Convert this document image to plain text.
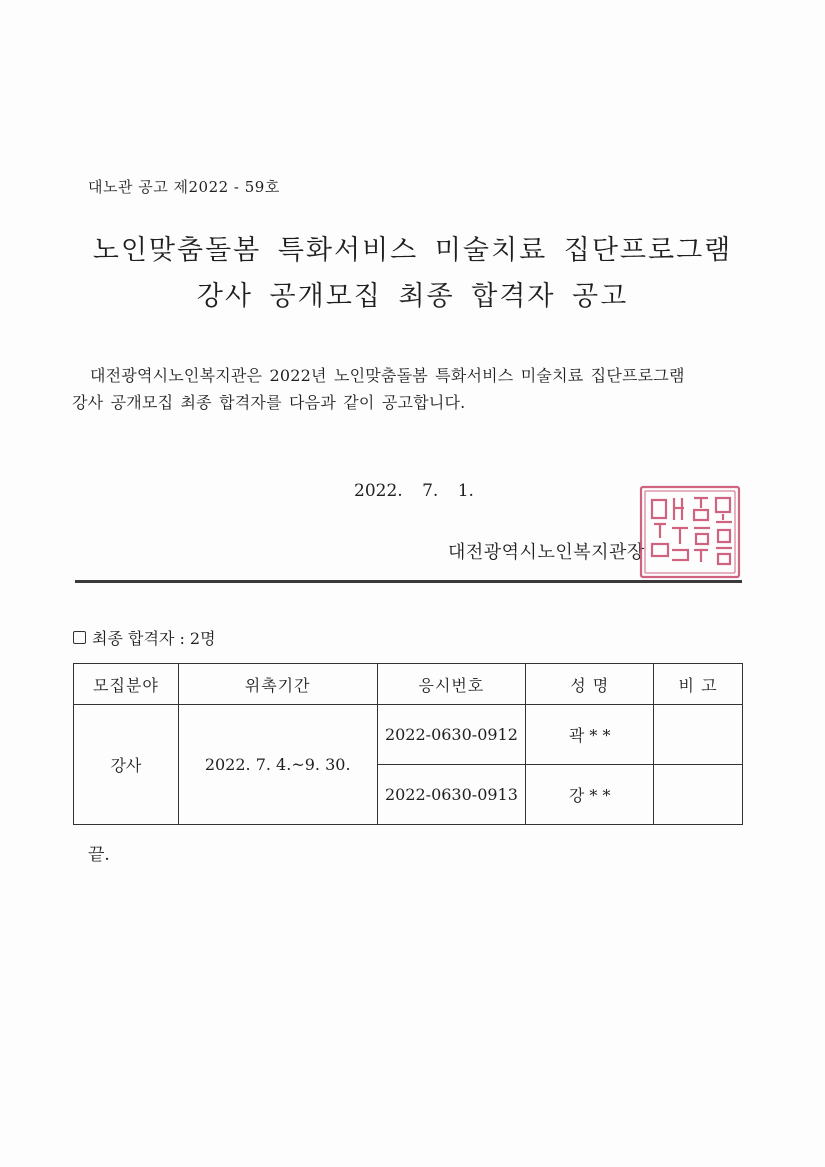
대노관 공고 제2022 - 59호
노인맞춤돌봄 특화서비스 미술치료 집단프로그램
강사 공개모집 최종 합격자 공고
대전광역시노인복지관은 2022년 노인맞춤돌봄 특화서비스 미술치료 집단프로그램
강사 공개모집 최종 합격자를 다음과 같이 공고합니다.
2022. 7. 1.
대전광역시노인복지관장
최종 합격자 : 2명
모집분야	위촉기간	응시번호	성 명	비 고
강사	2022. 7. 4.~9. 30.	2022-0630-0912	곽 * *	
		2022-0630-0913	강 * *	
끝.
